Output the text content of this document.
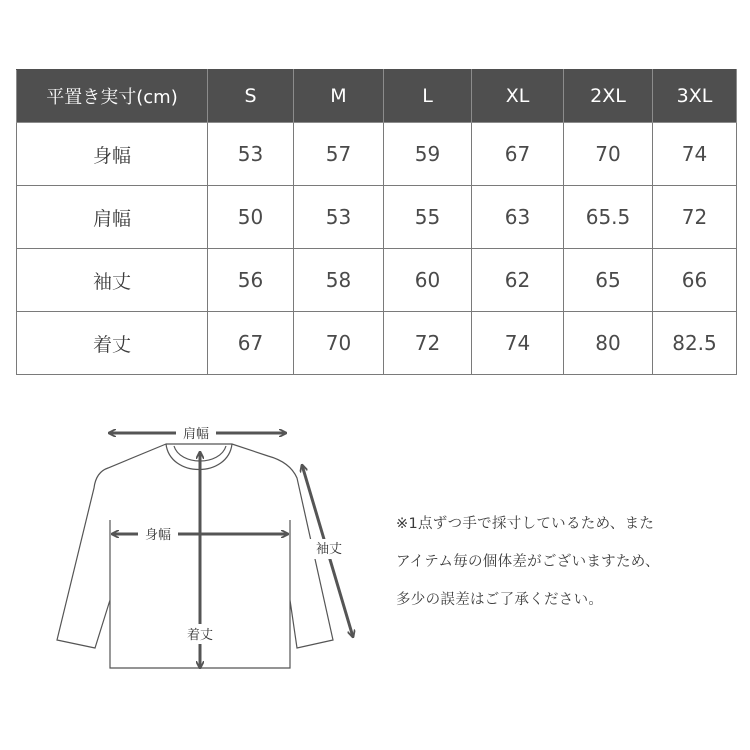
平置き実寸(cm)	S	M	L	XL	2XL	3XL
身幅	53	57	59	67	70	74
肩幅	50	53	55	63	65.5	72
袖丈	56	58	60	62	65	66
着丈	67	70	72	74	80	82.5
肩幅
身幅
着丈
袖丈
※1点ずつ手で採寸しているため、また
アイテム毎の個体差がございますため、
多少の誤差はご了承ください。
